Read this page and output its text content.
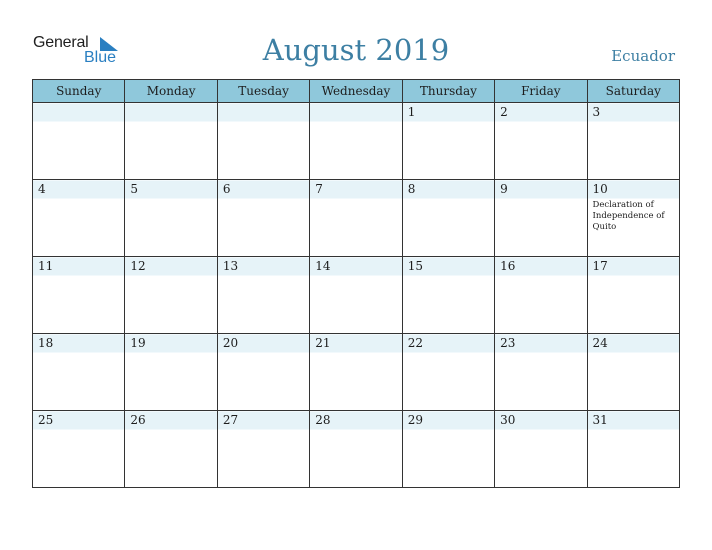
General
Blue	August 2019	Ecuador
Sunday	Monday	Tuesday	Wednesday	Thursday	Friday	Saturday

				1	2	3

4	5	6	7	8	9	10
Declaration of Independence of Quito

11	12	13	14	15	16	17

18	19	20	21	22	23	24

25	26	27	28	29	30	31
